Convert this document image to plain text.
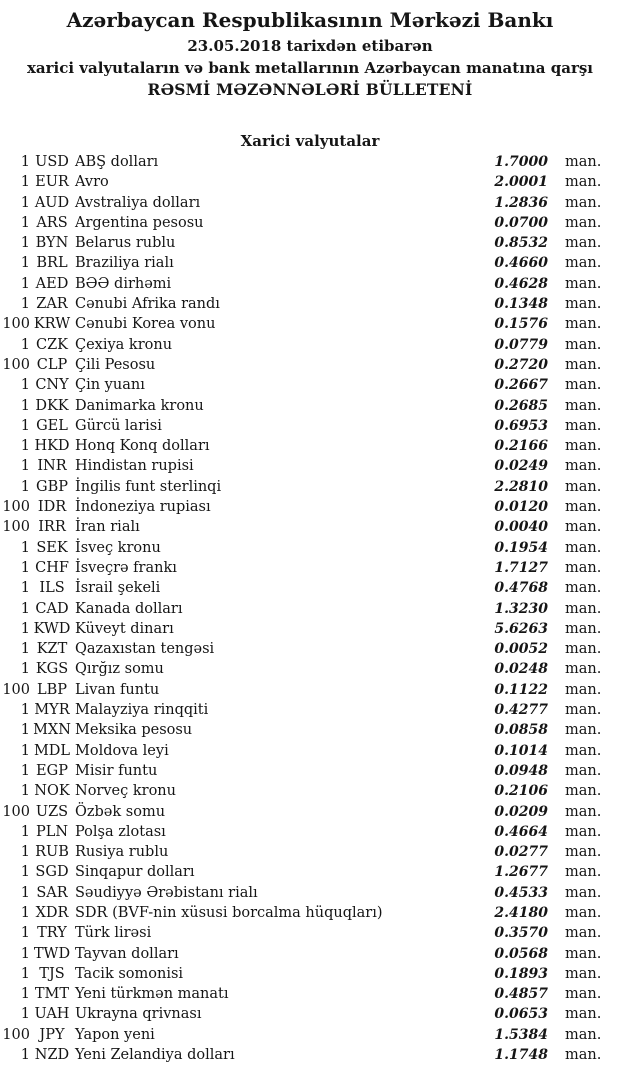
Azərbaycan Respublikasının Mərkəzi Bankı
23.05.2018 tarixdən etibarən
xarici valyutaların və bank metallarının Azərbaycan manatına qarşı
RƏSMİ MƏZƏNNƏLƏRİ BÜLLETENİ
Xarici valyutalar
1 USD ABŞ dolları	1.7000	man.
1 EUR Avro	2.0001	man.
1 AUD Avstraliya dolları	1.2836	man.
1 ARS Argentina pesosu	0.0700	man.
1 BYN Belarus rublu	0.8532	man.
1 BRL Braziliya rialı	0.4660	man.
1 AED BƏƏ dirhəmi	0.4628	man.
1 ZAR Cənubi Afrika randı	0.1348	man.
100 KRW Cənubi Korea vonu	0.1576	man.
1 CZK Çexiya kronu	0.0779	man.
100 CLP Çili Pesosu	0.2720	man.
1 CNY Çin yuanı	0.2667	man.
1 DKK Danimarka kronu	0.2685	man.
1 GEL Gürcü larisi	0.6953	man.
1 HKD Honq Konq dolları	0.2166	man.
1 INR Hindistan rupisi	0.0249	man.
1 GBP İngilis funt sterlinqi	2.2810	man.
100 IDR İndoneziya rupiası	0.0120	man.
100 IRR İran rialı	0.0040	man.
1 SEK İsveç kronu	0.1954	man.
1 CHF İsveçrə frankı	1.7127	man.
1 ILS İsrail şekeli	0.4768	man.
1 CAD Kanada dolları	1.3230	man.
1 KWD Küveyt dinarı	5.6263	man.
1 KZT Qazaxıstan tengəsi	0.0052	man.
1 KGS Qırğız somu	0.0248	man.
100 LBP Livan funtu	0.1122	man.
1 MYR Malayziya rinqqiti	0.4277	man.
1 MXN Meksika pesosu	0.0858	man.
1 MDL Moldova leyi	0.1014	man.
1 EGP Misir funtu	0.0948	man.
1 NOK Norveç kronu	0.2106	man.
100 UZS Özbək somu	0.0209	man.
1 PLN Polşa zlotası	0.4664	man.
1 RUB Rusiya rublu	0.0277	man.
1 SGD Sinqapur dolları	1.2677	man.
1 SAR Səudiyyə Ərəbistanı rialı	0.4533	man.
1 XDR SDR (BVF-nin xüsusi borcalma hüquqları)	2.4180	man.
1 TRY Türk lirəsi	0.3570	man.
1 TWD Tayvan dolları	0.0568	man.
1 TJS Tacik somonisi	0.1893	man.
1 TMT Yeni türkmən manatı	0.4857	man.
1 UAH Ukrayna qrivnası	0.0653	man.
100 JPY Yapon yeni	1.5384	man.
1 NZD Yeni Zelandiya dolları	1.1748	man.
